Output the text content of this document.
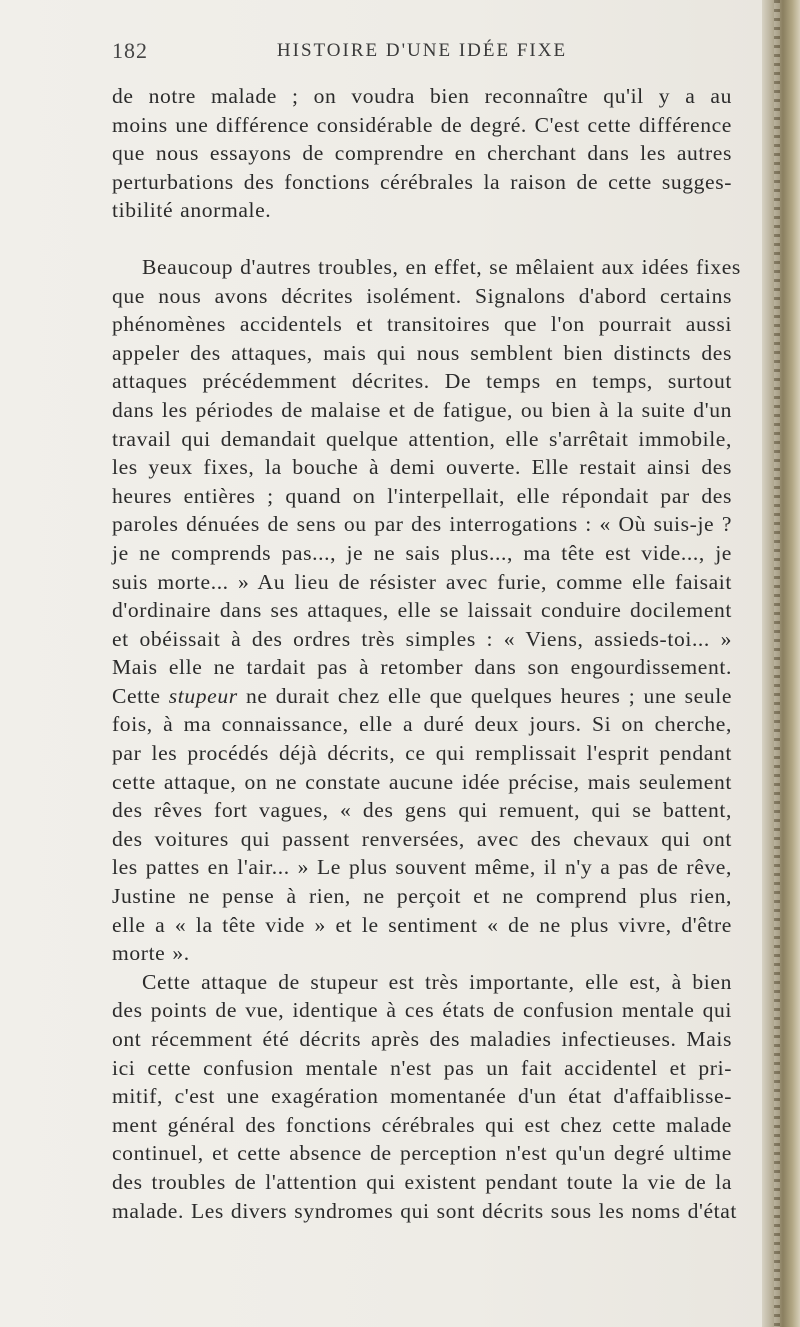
182	HISTOIRE D'UNE IDÉE FIXE
de notre malade ; on voudra bien reconnaître qu'il y a au
moins une différence considérable de degré. C'est cette différence
que nous essayons de comprendre en cherchant dans les autres
perturbations des fonctions cérébrales la raison de cette sugges-
tibilité anormale.
Beaucoup d'autres troubles, en effet, se mêlaient aux idées fixes
que nous avons décrites isolément. Signalons d'abord certains
phénomènes accidentels et transitoires que l'on pourrait aussi
appeler des attaques, mais qui nous semblent bien distincts des
attaques précédemment décrites. De temps en temps, surtout
dans les périodes de malaise et de fatigue, ou bien à la suite d'un
travail qui demandait quelque attention, elle s'arrêtait immobile,
les yeux fixes, la bouche à demi ouverte. Elle restait ainsi des
heures entières ; quand on l'interpellait, elle répondait par des
paroles dénuées de sens ou par des interrogations : « Où suis-je ?
je ne comprends pas..., je ne sais plus..., ma tête est vide..., je
suis morte... » Au lieu de résister avec furie, comme elle faisait
d'ordinaire dans ses attaques, elle se laissait conduire docilement
et obéissait à des ordres très simples : « Viens, assieds-toi... »
Mais elle ne tardait pas à retomber dans son engourdissement.
Cette stupeur ne durait chez elle que quelques heures ; une seule
fois, à ma connaissance, elle a duré deux jours. Si on cherche,
par les procédés déjà décrits, ce qui remplissait l'esprit pendant
cette attaque, on ne constate aucune idée précise, mais seulement
des rêves fort vagues, « des gens qui remuent, qui se battent,
des voitures qui passent renversées, avec des chevaux qui ont
les pattes en l'air... » Le plus souvent même, il n'y a pas de rêve,
Justine ne pense à rien, ne perçoit et ne comprend plus rien,
elle a « la tête vide » et le sentiment « de ne plus vivre, d'être
morte ».
Cette attaque de stupeur est très importante, elle est, à bien
des points de vue, identique à ces états de confusion mentale qui
ont récemment été décrits après des maladies infectieuses. Mais
ici cette confusion mentale n'est pas un fait accidentel et pri-
mitif, c'est une exagération momentanée d'un état d'affaiblisse-
ment général des fonctions cérébrales qui est chez cette malade
continuel, et cette absence de perception n'est qu'un degré ultime
des troubles de l'attention qui existent pendant toute la vie de la
malade. Les divers syndromes qui sont décrits sous les noms d'état
